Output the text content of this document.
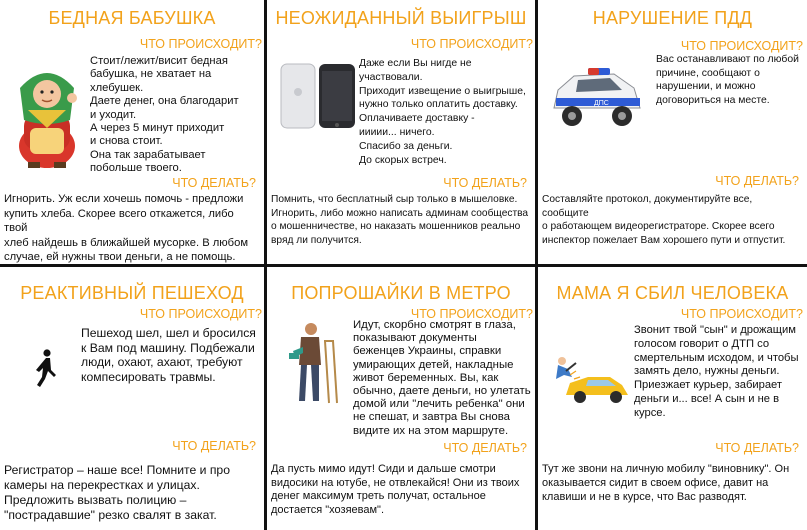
БЕДНАЯ БАБУШКА
ЧТО ПРОИСХОДИТ?
Стоит/лежит/висит бедная
бабушка, не хватает на хлебушек.
Даете денег, она благодарит
и уходит.
А через 5 минут приходит
и снова стоит.
Она так зарабатывает
побольше твоего.
ЧТО ДЕЛАТЬ?
Игнорить. Уж если хочешь помочь - предложи
купить хлеба. Скорее всего откажется, либо твой
хлеб найдешь в ближайшей мусорке. В любом
случае, ей нужны твои деньги, а не помощь.
НЕОЖИДАННЫЙ ВЫИГРЫШ
ЧТО ПРОИСХОДИТ?
Даже если Вы нигде не участвовали.
Приходит извещение о выигрыше,
нужно только оплатить доставку.
Оплачиваете доставку -
иииии... ничего.
Спасибо за деньги.
До скорых встреч.
ЧТО ДЕЛАТЬ?
Помнить, что бесплатный сыр только в мышеловке.
Игнорить, либо можно написать админам сообщества
о мошенничестве, но наказать мошенников реально
вряд ли получится.
НАРУШЕНИЕ ПДД
ЧТО ПРОИСХОДИТ?
ДПС
Вас останавливают по любой
причине, сообщают о
нарушении, и можно
договориться на месте.
ЧТО ДЕЛАТЬ?
Составляйте протокол, документируйте все, сообщите
о работающем видеорегистраторе. Скорее всего
инспектор пожелает Вам хорошего пути и отпустит.
РЕАКТИВНЫЙ ПЕШЕХОД
ЧТО ПРОИСХОДИТ?
Пешеход шел, шел и бросился
к Вам под машину. Подбежали
люди, охают, ахают, требуют
компесировать травмы.
ЧТО ДЕЛАТЬ?
Регистратор – наше все! Помните и про
камеры на перекрестках и улицах.
Предложить вызвать полицию –
"пострадавшие" резко свалят в закат.
ПОПРОШАЙКИ В МЕТРО
ЧТО ПРОИСХОДИТ?
Идут, скорбно смотрят в глаза,
показывают документы
беженцев Украины, справки
умирающих детей, накладные
живот беременных. Вы, как
обычно, даете деньги, но улетать
домой или "лечить ребенка" они
не спешат, и завтра Вы снова
видите их на этом маршруте.
ЧТО ДЕЛАТЬ?
Да пусть мимо идут! Сиди и дальше смотри
видосики на ютубе, не отвлекайся! Они из твоих
денег максимум треть получат, остальное
достается "хозяевам".
МАМА Я СБИЛ ЧЕЛОВЕКА
ЧТО ПРОИСХОДИТ?
Звонит твой "сын" и дрожащим
голосом говорит о ДТП со
смертельным исходом, и чтобы
замять дело, нужны деньги.
Приезжает курьер, забирает
деньги и... все! А сын и не в
курсе.
ЧТО ДЕЛАТЬ?
Тут же звони на личную мобилу "виновнику". Он
оказывается сидит в своем офисе, давит на
клавиши и не в курсе, что Вас разводят.
